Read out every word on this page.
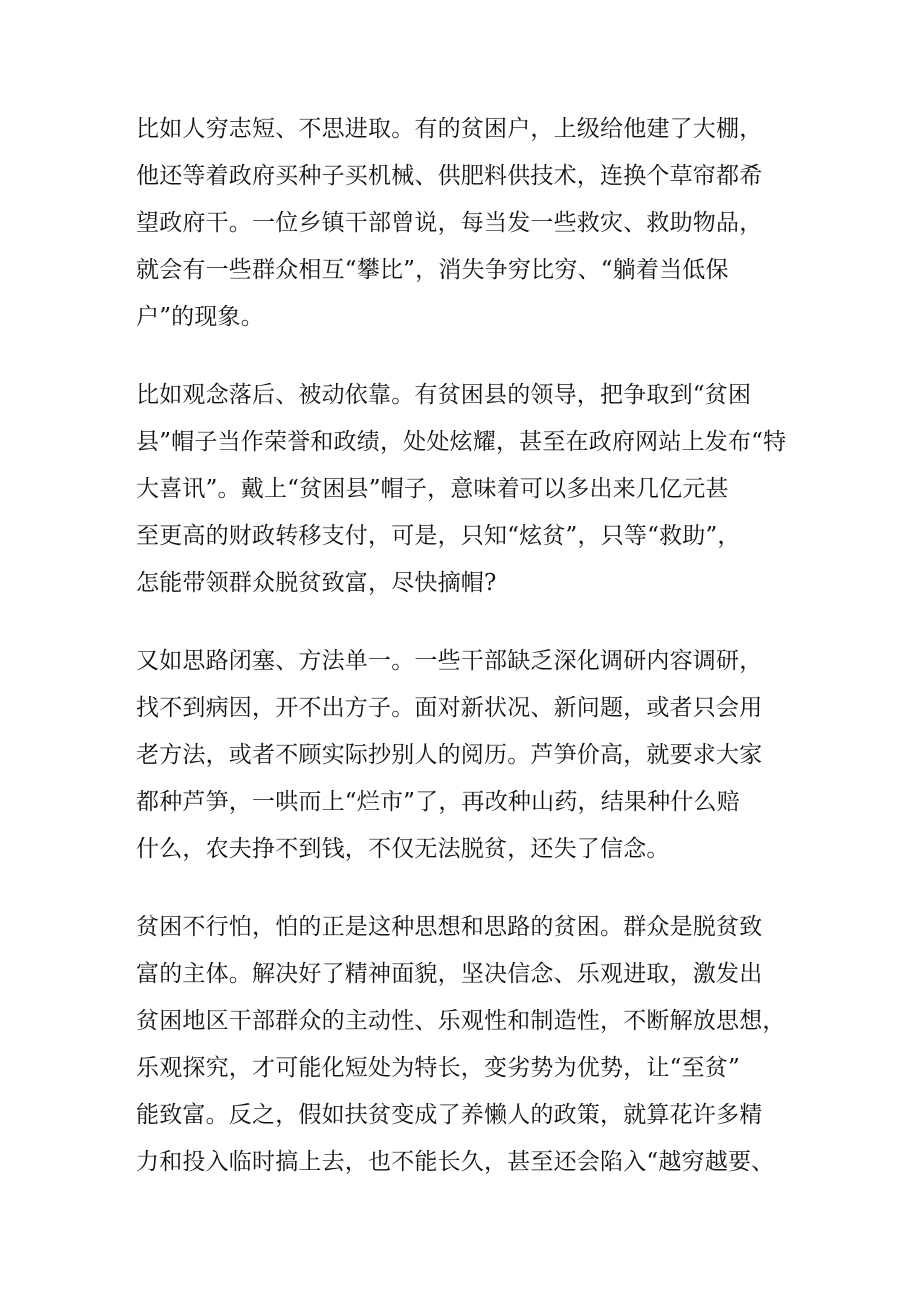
比如人穷志短、不思进取。有的贫困户，上级给他建了大棚，
他还等着政府买种子买机械、供肥料供技术，连换个草帘都希
望政府干。一位乡镇干部曾说，每当发一些救灾、救助物品，
就会有一些群众相互“攀比”，消失争穷比穷、“躺着当低保
户”的现象。
比如观念落后、被动依靠。有贫困县的领导，把争取到“贫困
县”帽子当作荣誉和政绩，处处炫耀，甚至在政府网站上发布“特
大喜讯”。戴上“贫困县”帽子，意味着可以多出来几亿元甚
至更高的财政转移支付，可是，只知“炫贫”，只等“救助”，
怎能带领群众脱贫致富，尽快摘帽?
又如思路闭塞、方法单一。一些干部缺乏深化调研内容调研，
找不到病因，开不出方子。面对新状况、新问题，或者只会用
老方法，或者不顾实际抄别人的阅历。芦笋价高，就要求大家
都种芦笋，一哄而上“烂市”了，再改种山药，结果种什么赔
什么，农夫挣不到钱，不仅无法脱贫，还失了信念。
贫困不行怕，怕的正是这种思想和思路的贫困。群众是脱贫致
富的主体。解决好了精神面貌，坚决信念、乐观进取，激发出
贫困地区干部群众的主动性、乐观性和制造性，不断解放思想，
乐观探究，才可能化短处为特长，变劣势为优势，让“至贫”
能致富。反之，假如扶贫变成了养懒人的政策，就算花许多精
力和投入临时搞上去，也不能长久，甚至还会陷入“越穷越要、
